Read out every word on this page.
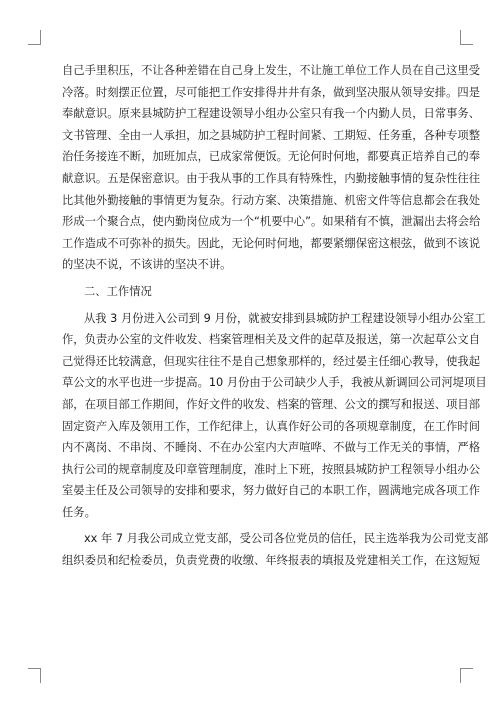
自己手里积压，不让各种差错在自己身上发生，不让施工单位工作人员在自己这里受
冷落。时刻摆正位置，尽可能把工作安排得井井有条，做到坚决服从领导安排。四是
奉献意识。原来县城防护工程建设领导小组办公室只有我一个内勤人员，日常事务、
文书管理、全由一人承担，加之县城防护工程时间紧、工期短、任务重，各种专项整
治任务接连不断，加班加点，已成家常便饭。无论何时何地，都要真正培养自己的奉
献意识。五是保密意识。由于我从事的工作具有特殊性，内勤接触事情的复杂性往往
比其他外勤接触的事情更为复杂。行动方案、决策措施、机密文件等信息都会在我处
形成一个聚合点，使内勤岗位成为一个“机要中心”。如果稍有不慎，泄漏出去将会给
工作造成不可弥补的损失。因此，无论何时何地，都要紧绷保密这根弦，做到不该说
的坚决不说，不该讲的坚决不讲。
二、工作情况
从我 3 月份进入公司到 9 月份，就被安排到县城防护工程建设领导小组办公室工
作，负责办公室的文件收发、档案管理相关及文件的起草及报送，第一次起草公文自
己觉得还比较满意，但现实往往不是自己想象那样的，经过晏主任细心教导，使我起
草公文的水平也进一步提高。10 月份由于公司缺少人手，我被从新调回公司河堤项目
部，在项目部工作期间，作好文件的收发、档案的管理、公文的撰写和报送、项目部
固定资产入库及领用工作，工作纪律上，认真作好公司的各项规章制度，在工作时间
内不离岗、不串岗、不睡岗、不在办公室内大声喧哗、不做与工作无关的事情，严格
执行公司的规章制度及印章管理制度，准时上下班，按照县城防护工程领导小组办公
室晏主任及公司领导的安排和要求，努力做好自己的本职工作，圆满地完成各项工作
任务。
xx 年 7 月我公司成立党支部，受公司各位党员的信任，民主选举我为公司党支部
组织委员和纪检委员，负责党费的收缴、年终报表的填报及党建相关工作，在这短短
